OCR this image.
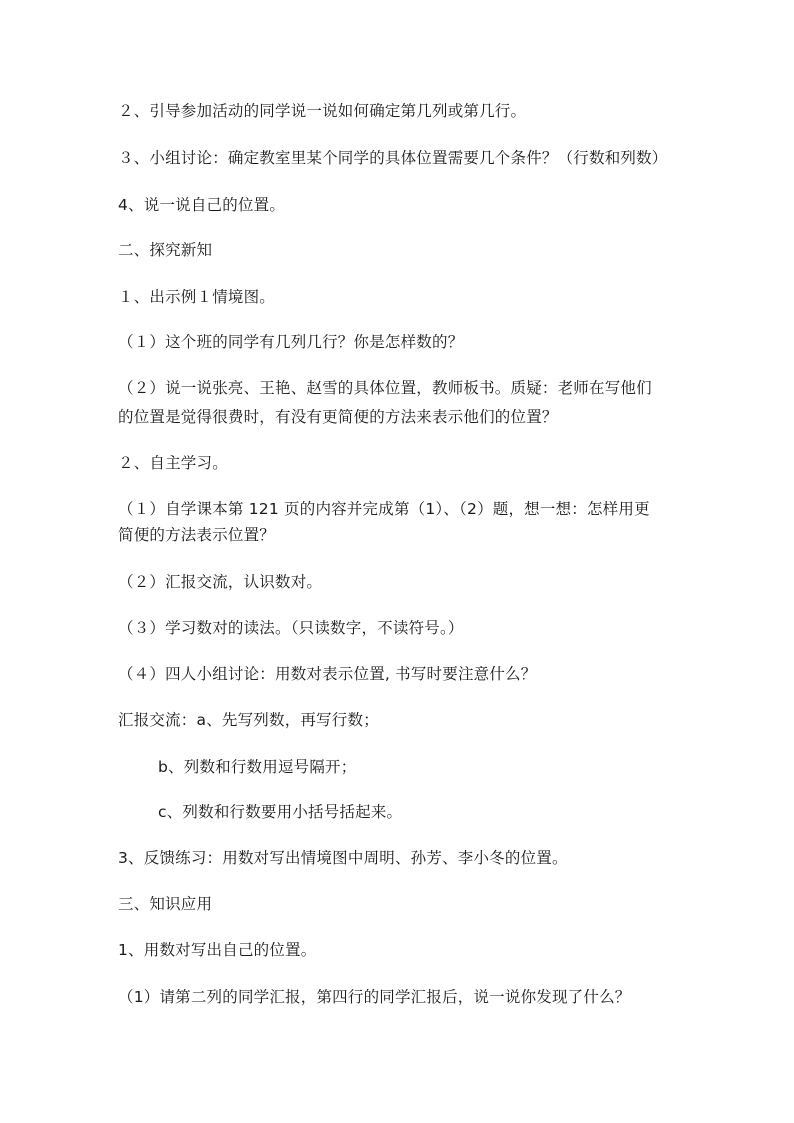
２、引导参加活动的同学说一说如何确定第几列或第几行。
３、小组讨论：确定教室里某个同学的具体位置需要几个条件？（行数和列数）
4、说一说自己的位置。
二、探究新知
１、出示例１情境图。
（１）这个班的同学有几列几行？你是怎样数的？
（２）说一说张亮、王艳、赵雪的具体位置，教师板书。质疑：老师在写他们
的位置是觉得很费时，有没有更简便的方法来表示他们的位置？
２、自主学习。
（１）自学课本第 121 页的内容并完成第（1）、（2）题，想一想：怎样用更
简便的方法表示位置？
（２）汇报交流，认识数对。
（３）学习数对的读法。（只读数字，不读符号。）
（４）四人小组讨论：用数对表示位置, 书写时要注意什么？
汇报交流：a、先写列数，再写行数；
b、列数和行数用逗号隔开；
c、列数和行数要用小括号括起来。
3、反馈练习：用数对写出情境图中周明、孙芳、李小冬的位置。
三、知识应用
1、用数对写出自己的位置。
（1）请第二列的同学汇报，第四行的同学汇报后，说一说你发现了什么？
